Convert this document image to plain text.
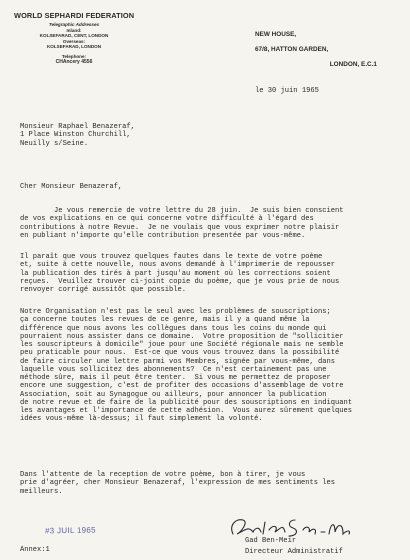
WORLD SEPHARDI FEDERATION
Telegraphic Addresses
Inland:
KOLSEFARAD, CENT, LONDON
Overseas:
KOLSEFARAD, LONDON
Telephone:
CHAncery 4556
NEW HOUSE,
67/8, HATTON GARDEN,
LONDON, E.C.1
le 30 juin 1965
Monsieur Raphael Benazeraf,
1 Place Winston Churchill,
Neuilly s/Seine.
Cher Monsieur Benazeraf,
Je vous remercie de votre lettre du 28 juin.  Je suis bien conscient
de vos explications en ce qui concerne votre difficulté à l'égard des
contributions à notre Revue.  Je ne voulais que vous exprimer notre plaisir
en publiant n'importe qu'elle contribution presentée par vous-même.
Il paraît que vous trouvez quelques fautes dans le texte de votre poème
et, suite à cette nouvelle, nous avons demandé à l'imprimerie de repousser
la publication des tirés à part jusqu'au moment où les corrections soient
reçues.  Veuillez trouver ci-joint copie du poème, que je vous prie de nous
renvoyer corrigé aussitôt que possible.
Notre Organisation n'est pas le seul avec les problèmes de souscriptions;
ça concerne toutes les revues de ce genre, mais il y a quand même la
différence que nous avons les collègues dans tous les coins du monde qui
pourraient nous assister dans ce domaine.  Votre proposition de "sollicitier
les souscripteurs à domicile" joue pour une Société régionale mais ne semble
peu praticable pour nous.  Est-ce que vous vous trouvez dans la possibilité
de faire circuler une lettre parmi vos Membres, signée par vous-même, dans
laquelle vous sollicitez des abonnements?  Ce n'est certainement pas une
méthode sûre, mais il peut être tenter.  Si vous me permettez de proposer
encore une suggestion, c'est de profiter des occasions d'assemblage de votre
Association, soit au Synagogue ou ailleurs, pour annoncer la publication
de notre revue et de faire de la publicité pour des souscriptions en indiquant
les avantages et l'importance de cette adhésion.  Vous aurez sûrement quelques
idées vous-même là-dessus; il faut simplement la volonté.
Dans l'attente de la reception de votre poème, bon à tirer, je vous
prie d'agréer, cher Monsieur Benazeraf, l'expression de mes sentiments les
meilleurs.
Gad Ben-Meir
Directeur Administratif
#3 JUIL 1965
Annex:1
